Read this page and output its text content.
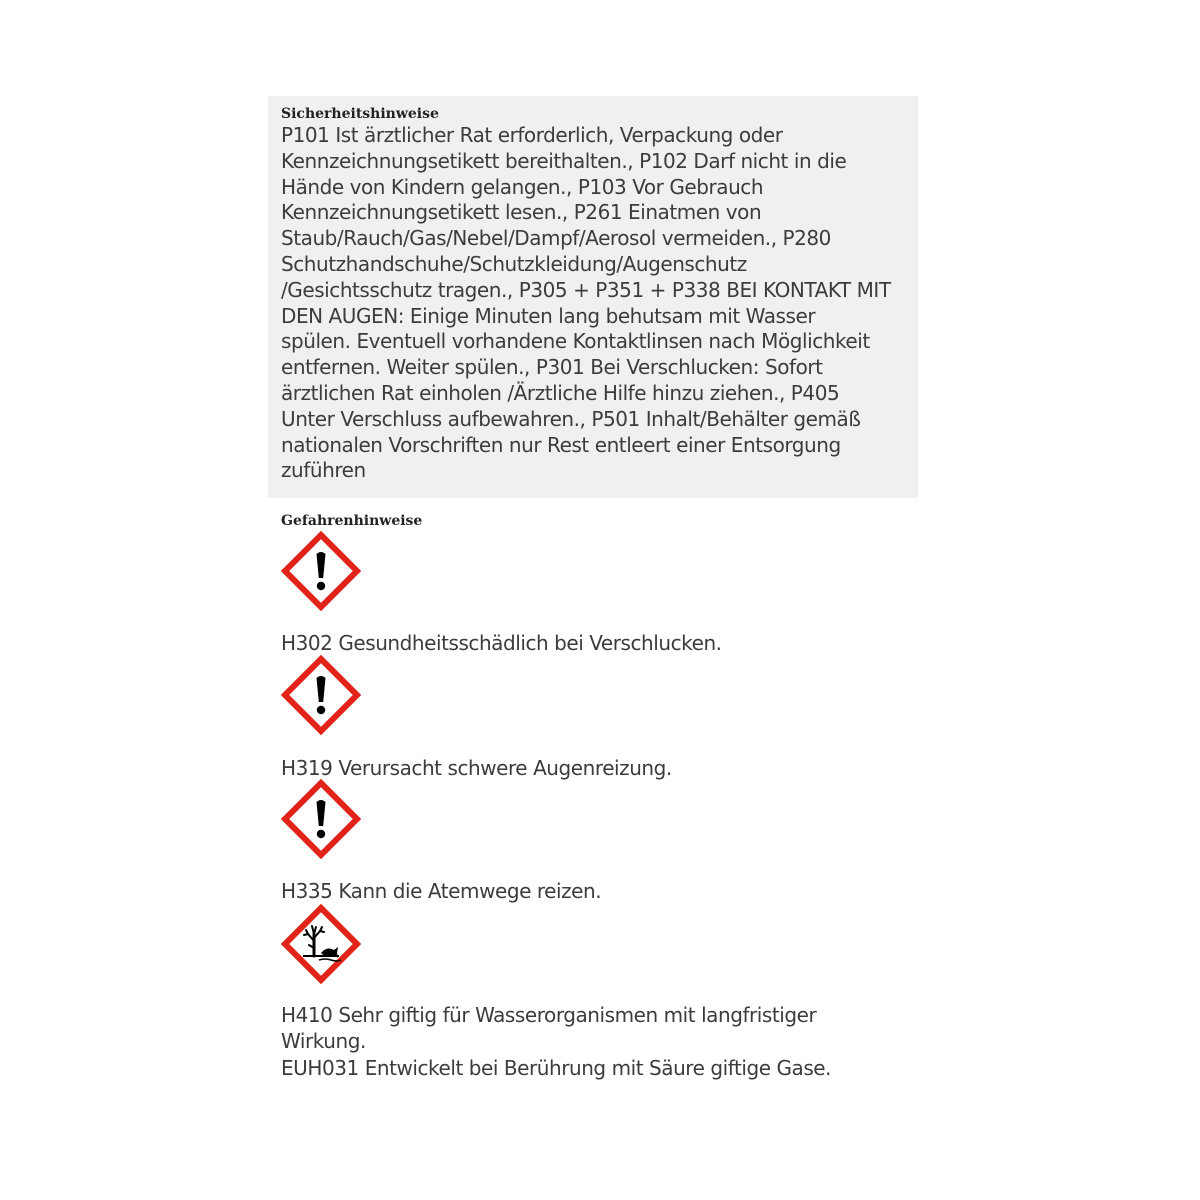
Sicherheitshinweise

P101 Ist ärztlicher Rat erforderlich, Verpackung oder
Kennzeichnungsetikett bereithalten., P102 Darf nicht in die
Hände von Kindern gelangen., P103 Vor Gebrauch
Kennzeichnungsetikett lesen., P261 Einatmen von
Staub/Rauch/Gas/Nebel/Dampf/Aerosol vermeiden., P280
Schutzhandschuhe/Schutzkleidung/Augenschutz
/Gesichtsschutz tragen., P305 + P351 + P338 BEI KONTAKT MIT
DEN AUGEN: Einige Minuten lang behutsam mit Wasser
spülen. Eventuell vorhandene Kontaktlinsen nach Möglichkeit
entfernen. Weiter spülen., P301 Bei Verschlucken: Sofort
ärztlichen Rat einholen /Ärztliche Hilfe hinzu ziehen., P405
Unter Verschluss aufbewahren., P501 Inhalt/Behälter gemäß
nationalen Vorschriften nur Rest entleert einer Entsorgung
zuführen

Gefahrenhinweise

H302 Gesundheitsschädlich bei Verschlucken.

H319 Verursacht schwere Augenreizung.

H335 Kann die Atemwege reizen.

H410 Sehr giftig für Wasserorganismen mit langfristiger

Wirkung.

EUH031 Entwickelt bei Berührung mit Säure giftige Gase.
